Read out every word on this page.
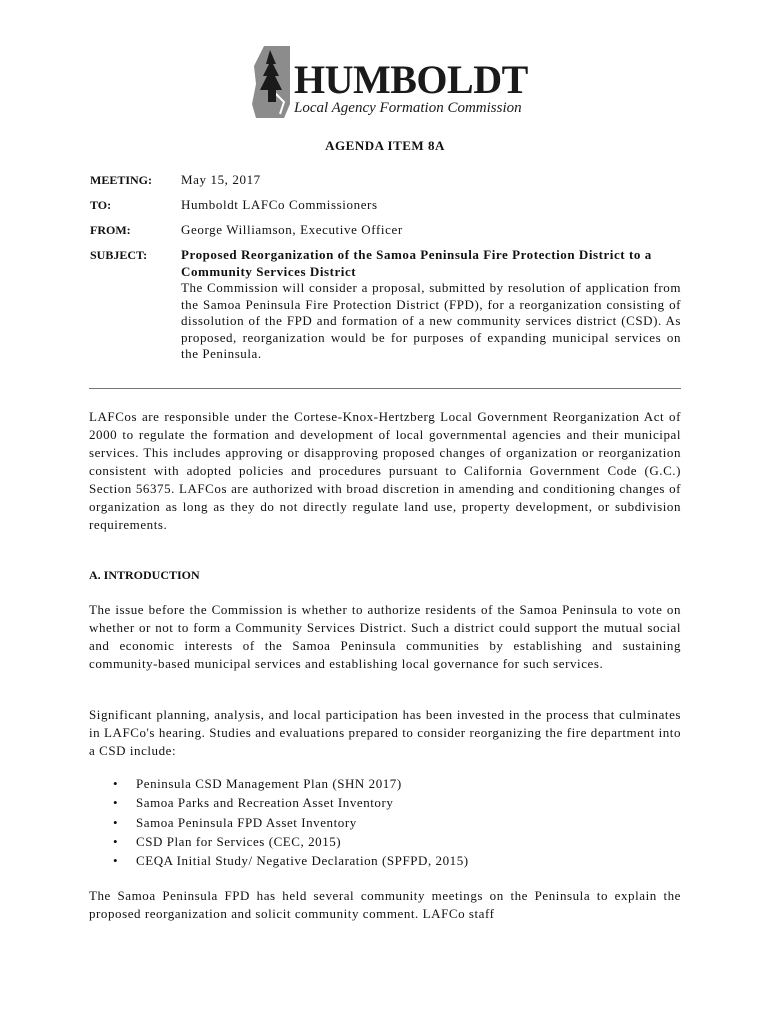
HUMBOLDT
Local Agency Formation Commission
AGENDA ITEM 8A
MEETING: May 15, 2017
TO:	Humboldt LAFCo Commissioners
FROM:	George Williamson, Executive Officer
SUBJECT:	Proposed Reorganization of the Samoa Peninsula Fire Protection District to a Community Services District
The Commission will consider a proposal, submitted by resolution of application from the Samoa Peninsula Fire Protection District (FPD), for a reorganization consisting of dissolution of the FPD and formation of a new community services district (CSD). As proposed, reorganization would be for purposes of expanding municipal services on the Peninsula.
LAFCos are responsible under the Cortese-Knox-Hertzberg Local Government Reorganization Act of 2000 to regulate the formation and development of local governmental agencies and their municipal services. This includes approving or disapproving proposed changes of organization or reorganization consistent with adopted policies and procedures pursuant to California Government Code (G.C.) Section 56375. LAFCos are authorized with broad discretion in amending and conditioning changes of organization as long as they do not directly regulate land use, property development, or subdivision requirements.
A. INTRODUCTION
The issue before the Commission is whether to authorize residents of the Samoa Peninsula to vote on whether or not to form a Community Services District. Such a district could support the mutual social and economic interests of the Samoa Peninsula communities by establishing and sustaining community-based municipal services and establishing local governance for such services.
Significant planning, analysis, and local participation has been invested in the process that culminates in LAFCo's hearing. Studies and evaluations prepared to consider reorganizing the fire department into a CSD include:
• Peninsula CSD Management Plan (SHN 2017)
• Samoa Parks and Recreation Asset Inventory
• Samoa Peninsula FPD Asset Inventory
• CSD Plan for Services (CEC, 2015)
• CEQA Initial Study/ Negative Declaration (SPFPD, 2015)
The Samoa Peninsula FPD has held several community meetings on the Peninsula to explain the proposed reorganization and solicit community comment. LAFCo staff
